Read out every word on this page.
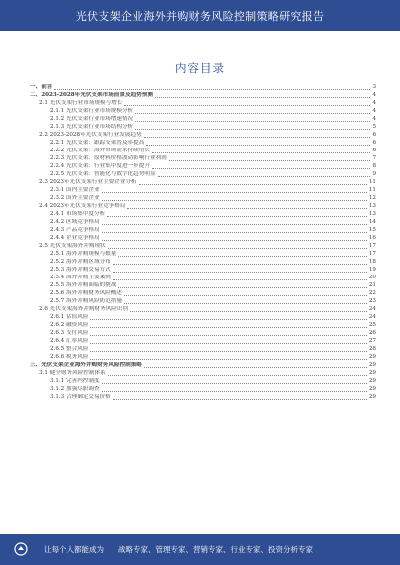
光伏支架企业海外并购财务风险控制策略研究报告
内容目录
一、前言	3
二、2023-2028年光伏支架市场前景及趋势预测	4
2.1 光伏支架行业市场规模与增长	4
2.1.1 光伏支架行业市场规模分析	4
2.1.2 光伏支架行业市场增速情况	4
2.1.3 光伏支架行业市场结构分析	5
2.2 2023-2028年光伏支架行业发展趋势	6
2.2.1 光伏支架：跟踪支架普及率提高	6
2.2.2 光伏支架：海外市场需求持续增长	6
2.2.3 光伏支架：原材料价格波动影响行业利润	7
2.2.4 光伏支架：行业集中度进一步提升	8
2.2.5 光伏支架：智能化与数字化趋势明显	9
2.3 2023年光伏支架行业主要企业分析	11
2.3.1 国内主要企业	11
2.3.2 国外主要企业	12
2.4 2023年光伏支架行业竞争格局	13
2.4.1 市场集中度分析	13
2.4.2 区域竞争格局	14
2.4.3 产品竞争格局	15
2.4.4 企业竞争格局	16
2.5 光伏支架海外并购现状	17
2.5.1 海外并购规模与数量	17
2.5.2 海外并购区域分布	18
2.5.3 海外并购交易方式	19
2.5.4 海外并购主要案例	20
2.5.5 海外并购面临的挑战	21
2.5.6 海外并购财务风险概述	22
2.5.7 海外并购风险防范措施	23
2.6 光伏支架海外并购财务风险识别	24
2.6.1 估值风险	24
2.6.2 融资风险	25
2.6.3 支付风险	26
2.6.4 汇率风险	27
2.6.5 整合风险	28
2.6.6 税务风险	29
三、光伏支架企业海外并购财务风险控制策略	29
3.1 健全财务风险控制体系	29
3.1.1 完善内控制度	29
3.1.2 加强尽职调查	29
3.1.3 合理确定交易价格	29
让每个人都能成为 战略专家、管理专家、营销专家、行业专家、投资分析专家
